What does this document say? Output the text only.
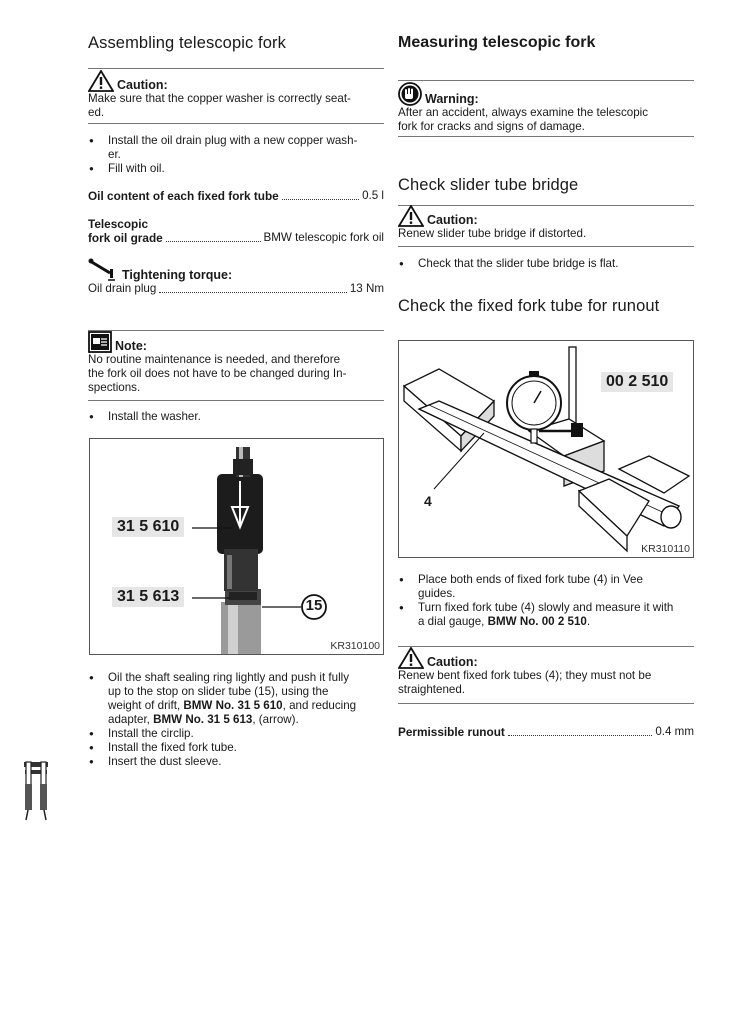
Assembling telescopic fork
Caution:
Make sure that the copper washer is correctly seat-
ed.
● Install the oil drain plug with a new copper wash-
er.
● Fill with oil.
Oil content of each fixed fork tube	0.5 l
Telescopic
fork oil grade	BMW telescopic fork oil
Tightening torque:
Oil drain plug	13 Nm
Note:
No routine maintenance is needed, and therefore
the fork oil does not have to be changed during In-
spections.
● Install the washer.
31 5 610
31 5 613
15
KR310100
● Oil the shaft sealing ring lightly and push it fully
up to the stop on slider tube (15), using the
weight of drift, BMW No. 31 5 610, and reducing
adapter, BMW No. 31 5 613, (arrow).
● Install the circlip.
● Install the fixed fork tube.
● Insert the dust sleeve.
Measuring telescopic fork
Warning:
After an accident, always examine the telescopic
fork for cracks and signs of damage.
Check slider tube bridge
Caution:
Renew slider tube bridge if distorted.
● Check that the slider tube bridge is flat.
Check the fixed fork tube for runout
00 2 510
4
KR310110
● Place both ends of fixed fork tube (4) in Vee
guides.
● Turn fixed fork tube (4) slowly and measure it with
a dial gauge, BMW No. 00 2 510.
Caution:
Renew bent fixed fork tubes (4); they must not be
straightened.
Permissible runout	0.4 mm
